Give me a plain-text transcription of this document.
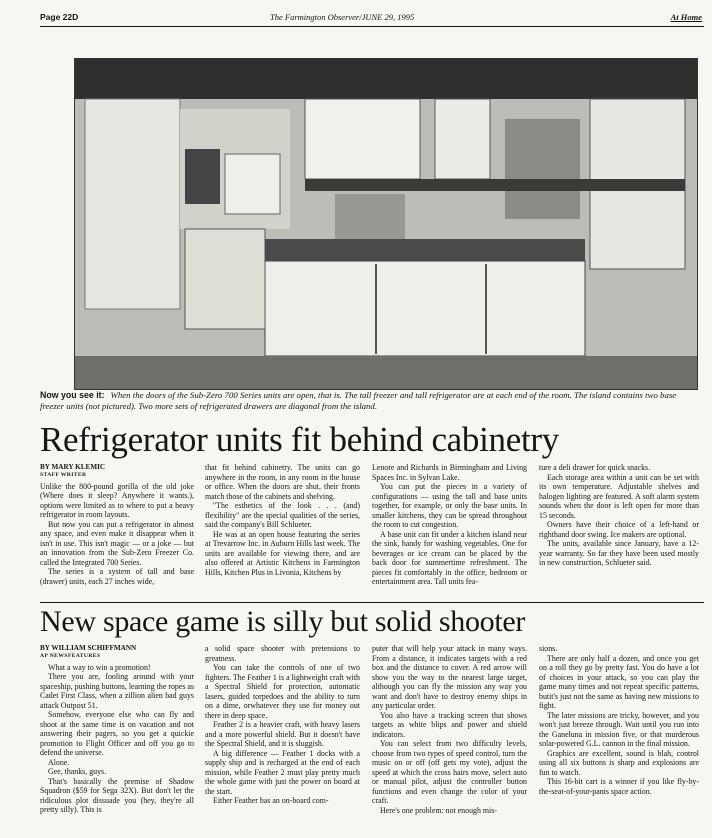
Page 22D	The Farmington Observer/JUNE 29, 1995	At Home
Now you see it: When the doors of the Sub-Zero 700 Series units are open, that is. The tall freezer and tall refrigerator are at each end of the room. The island contains two base freezer units (not pictured). Two more sets of refrigerated drawers are diagonal from the island.
Refrigerator units fit behind cabinetry
BY MARY KLEMIC
STAFF WRITER

Unlike the 800-pound gorilla of the old joke (Where does it sleep? Anywhere it wants.), options were limited as to where to put a heavy refrigerator in room layouts.

But now you can put a refrigerator in almost any space, and even make it disappear when it isn't in use. This isn't magic — or a joke — but an innovation from the Sub-Zero Freezer Co. called the Integrated 700 Series.

The series is a system of tall and base (drawer) units, each 27 inches wide,

that fit behind cabinetry. The units can go anywhere in the room, in any room in the house or office. When the doors are shut, their fronts match those of the cabinets and shelving.

"The esthetics of the look . . . (and) flexibility" are the special qualities of the series, said the company's Bill Schlueter.

He was at an open house featuring the series at Trevarrow Inc. in Auburn Hills last week. The units are available for viewing there, and are also offered at Artistic Kitchens in Farmington Hills, Kitchen Plus in Livonia, Kitchens by

Lenore and Richards in Birmingham and Living Spaces Inc. in Sylvan Lake.

You can put the pieces in a variety of configurations — using the tall and base units together, for example, or only the base units. In smaller kitchens, they can be spread throughout the room to cut congestion.

A base unit can fit under a kitchen island near the sink, handy for washing vegetables. One for beverages or ice cream can be placed by the back door for summertime refreshment. The pieces fit comfortably in the office, bedroom or entertainment area. Tall units fea-

ture a deli drawer for quick snacks.

Each storage area within a unit can be set with its own temperature. Adjustable shelves and halogen lighting are featured. A soft alarm system sounds when the door is left open for more than 15 seconds.

Owners have their choice of a left-hand or righthand door swing. Ice makers are optional.

The units, available since January, have a 12-year warranty. So far they have been used mostly in new construction, Schlueter said.

New space game is silly but solid shooter
BY WILLIAM SCHIFFMANN
AP NEWSFEATURES

What a way to win a promotion!

There you are, fooling around with your spaceship, pushing buttons, learning the ropes as Cadet First Class, when a zillion alien bad guys attack Outpost 51.

Somehow, everyone else who can fly and shoot at the same time is on vacation and not answering their pagers, so you get a quickie promotion to Flight Officer and off you go to defend the universe.

Alone.

Gee, thanks, guys.

That's basically the premise of Shadow Squadron ($59 for Sega 32X). But don't let the ridiculous plot dissuade you (hey, they're all pretty silly). This is

a solid space shooter with pretensions to greatness.

You can take the controls of one of two fighters. The Feather 1 is a lightweight craft with a Spectral Shield for protection, automatic lasers, guided torpedoes and the ability to turn on a dime, orwhatever they use for money out there in deep space.

Feather 2 is a heavier craft, with heavy lasers and a more powerful shield. But it doesn't have the Spectral Shield, and it is sluggish.

A big difference — Feather 1 docks with a supply ship and is recharged at the end of each mission, while Feather 2 must play pretty much the whole game with just the power on board at the start.

Either Feather has an on-board com-

puter that will help your attack in many ways. From a distance, it indicates targets with a red box and the distance to cover. A red arrow will show you the way to the nearest large target, although you can fly the mission any way you want and don't have to destroy enemy ships in any particular order.

You also have a tracking screen that shows targets as white blips and power and shield indicators.

You can select from two difficulty levels, choose from two types of speed control, turn the music on or off (off gets my vote), adjust the speed at which the cross hairs move, select auto or manual pilot, adjust the controller button functions and even change the color of your craft.

Here's one problem: not enough mis-

sions.

There are only half a dozen, and once you get on a roll they go by pretty fast. You do have a lot of choices in your attack, so you can play the game many times and not repeat specific patterns, butit's just not the same as having new missions to fight.

The later missions are tricky, however, and you won't just breeze through. Wait until you run into the Ganeluna in mission five, or that murderous solar-powered G.L. cannon in the final mission.

Graphics are excellent, sound is blah, control using all six buttons is sharp and explosions are fun to watch.

This 16-bit cart is a winner if you like fly-by-the-seat-of-your-pants space action.
